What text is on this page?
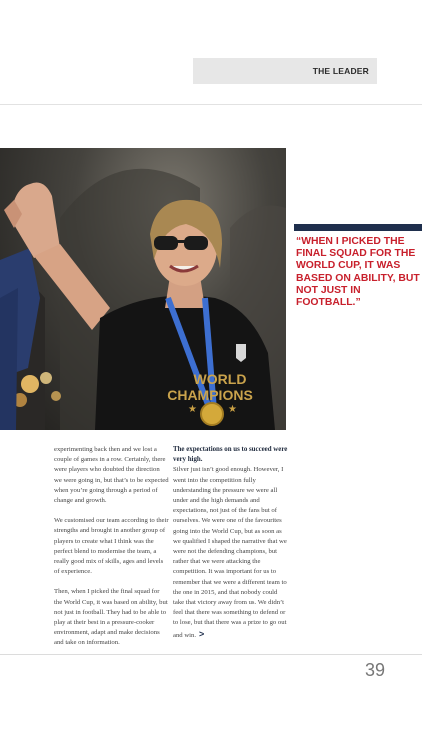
THE LEADER
★	★
WORLD
CHAMPIONS

“WHEN I PICKED THE FINAL SQUAD FOR THE WORLD CUP, IT WAS BASED ON ABILITY, BUT NOT JUST IN FOOTBALL.”

experimenting back then and we lost a couple of games in a row. Certainly, there were players who doubted the direction we were going in, but that’s to be expected when you’re going through a period of change and growth.

We customised our team according to their strengths and brought in another group of players to create what I think was the perfect blend to modernise the team, a really good mix of skills, ages and levels of experience.

Then, when I picked the final squad for the World Cup, it was based on ability, but not just in football. They had to be able to play at their best in a pressure-cooker environment, adapt and make decisions and take on information.

The expectations on us to succeed were very high.

Silver just isn’t good enough. However, I went into the competition fully understanding the pressure we were all under and the high demands and expectations, not just of the fans but of ourselves. We were one of the favourites going into the World Cup, but as soon as we qualified I shaped the narrative that we were not the defending champions, but rather that we were attacking the competition. It was important for us to remember that we were a different team to the one in 2015, and that nobody could take that victory away from us. We didn’t feel that there was something to defend or to lose, but that there was a prize to go out and win. >

39
